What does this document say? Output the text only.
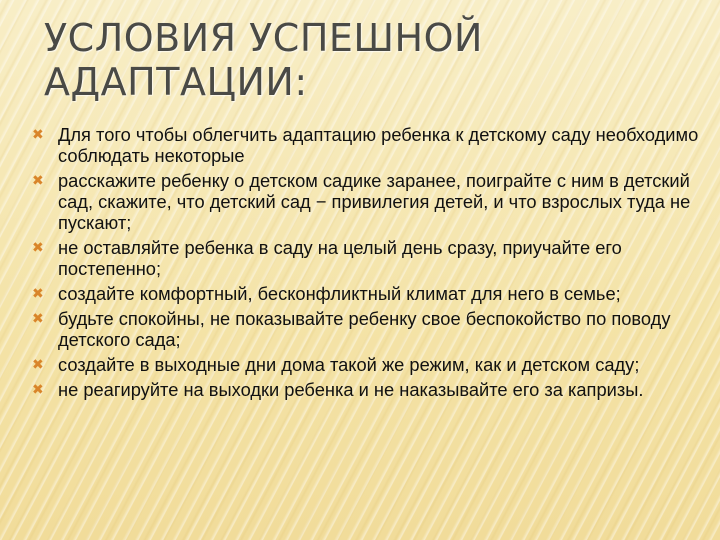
УСЛОВИЯ УСПЕШНОЙ
АДАПТАЦИИ:
✖ Для того чтобы облегчить адаптацию ребенка к детскому саду необходимо соблюдать некоторые
✖ расскажите ребенку о детском садике заранее, поиграйте с ним в детский сад, скажите, что детский сад − привилегия детей, и что взрослых туда не пускают;
✖ не оставляйте ребенка в саду на целый день сразу, приучайте его постепенно;
✖ создайте комфортный, бесконфликтный климат для него в семье;
✖ будьте спокойны, не показывайте ребенку свое беспокойство по поводу детского сада;
✖ создайте в выходные дни дома такой же режим, как и детском саду;
✖ не реагируйте на выходки ребенка и не наказывайте его за капризы.
